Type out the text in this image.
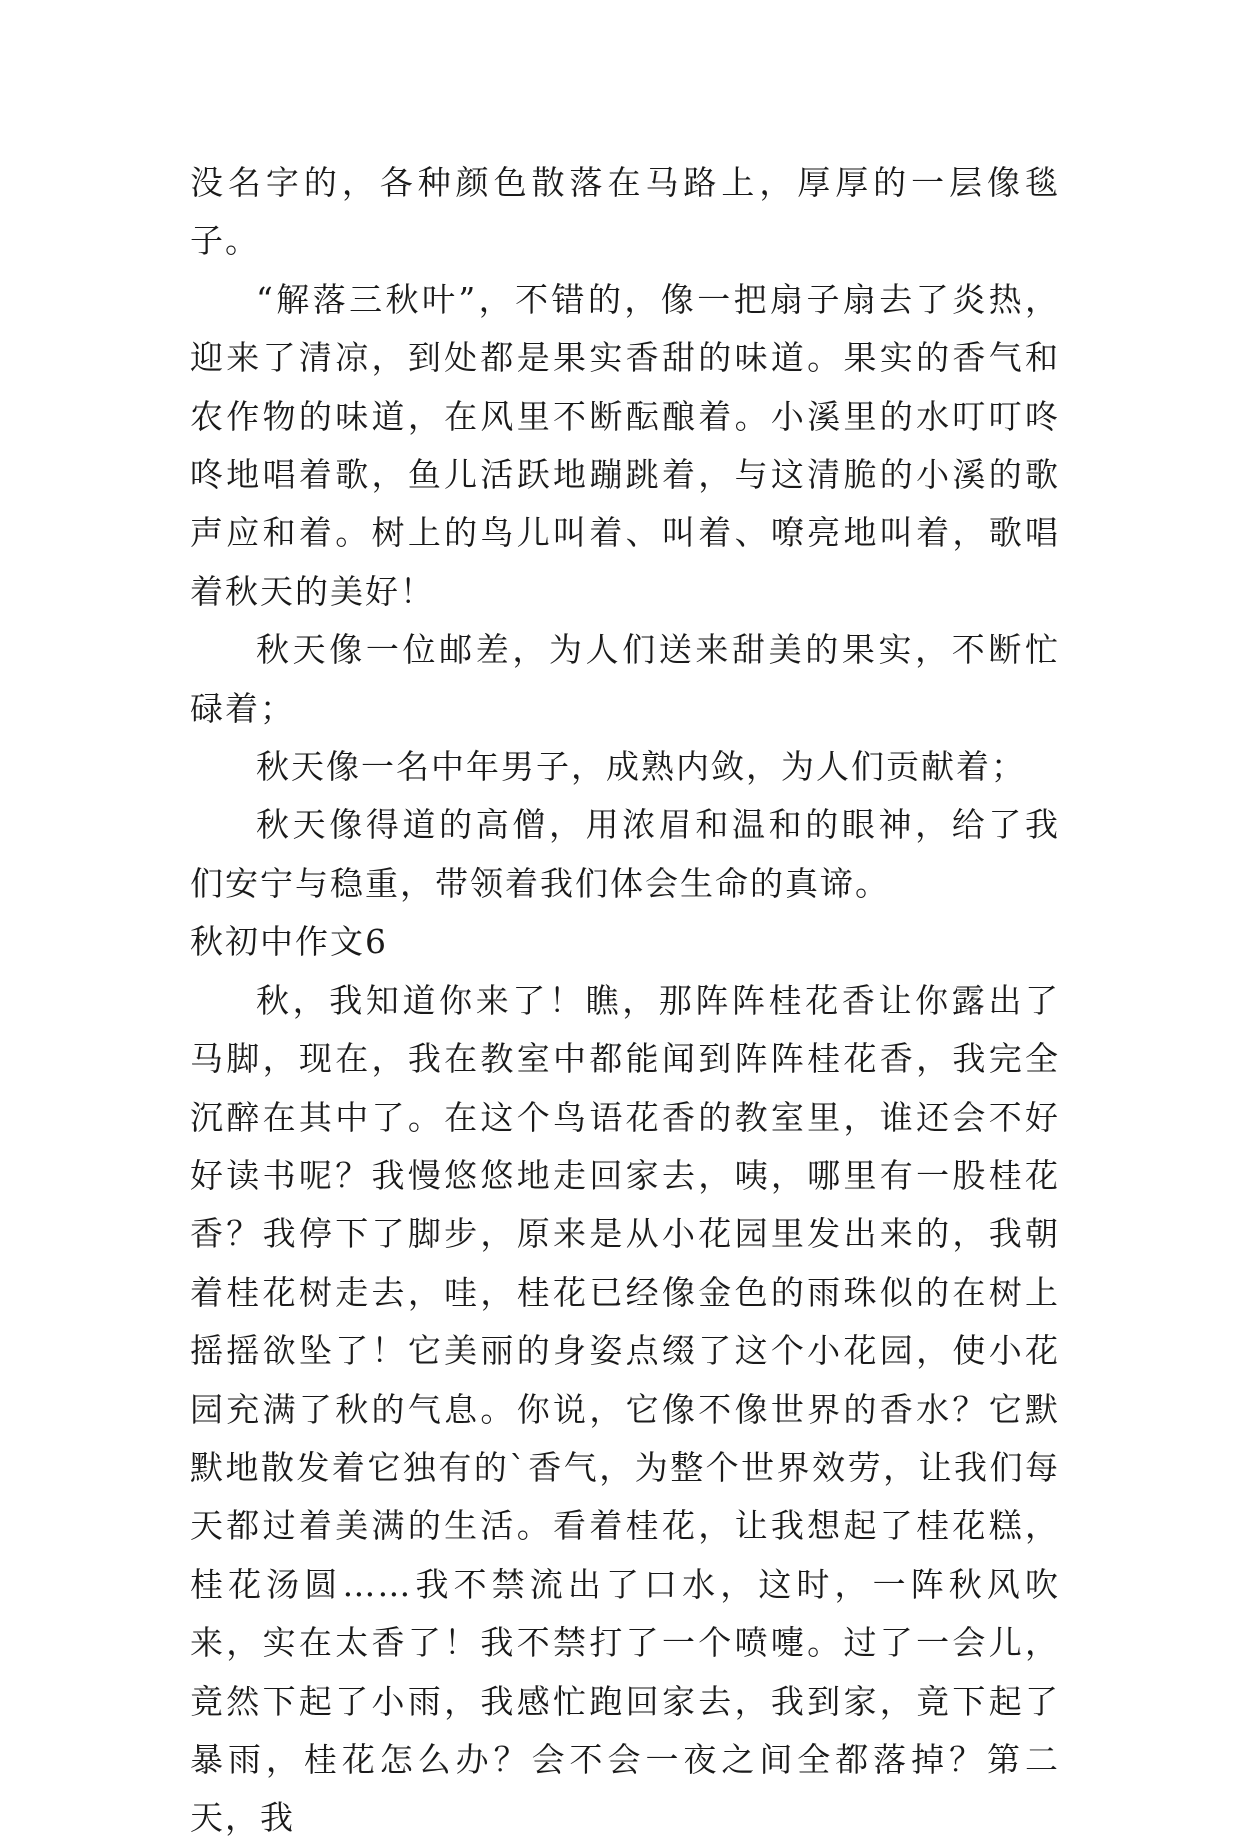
没名字的，各种颜色散落在马路上，厚厚的一层像毯子。

“解落三秋叶”，不错的，像一把扇子扇去了炎热，迎来了清凉，到处都是果实香甜的味道。果实的香气和农作物的味道，在风里不断酝酿着。小溪里的水叮叮咚咚地唱着歌，鱼儿活跃地蹦跳着，与这清脆的小溪的歌声应和着。树上的鸟儿叫着、叫着、嘹亮地叫着，歌唱着秋天的美好！

秋天像一位邮差，为人们送来甜美的果实，不断忙碌着；

秋天像一名中年男子，成熟内敛，为人们贡献着；

秋天像得道的高僧，用浓眉和温和的眼神，给了我们安宁与稳重，带领着我们体会生命的真谛。

秋初中作文6

秋，我知道你来了！瞧，那阵阵桂花香让你露出了马脚，现在，我在教室中都能闻到阵阵桂花香，我完全沉醉在其中了。在这个鸟语花香的教室里，谁还会不好好读书呢？我慢悠悠地走回家去，咦，哪里有一股桂花香？我停下了脚步，原来是从小花园里发出来的，我朝着桂花树走去，哇，桂花已经像金色的雨珠似的在树上摇摇欲坠了！它美丽的身姿点缀了这个小花园，使小花园充满了秋的气息。你说，它像不像世界的香水？它默默地散发着它独有的`香气，为整个世界效劳，让我们每天都过着美满的生活。看着桂花，让我想起了桂花糕，桂花汤圆……我不禁流出了口水，这时，一阵秋风吹来，实在太香了！我不禁打了一个喷嚏。过了一会儿，竟然下起了小雨，我感忙跑回家去，我到家，竟下起了暴雨，桂花怎么办？会不会一夜之间全都落掉？第二天，我
